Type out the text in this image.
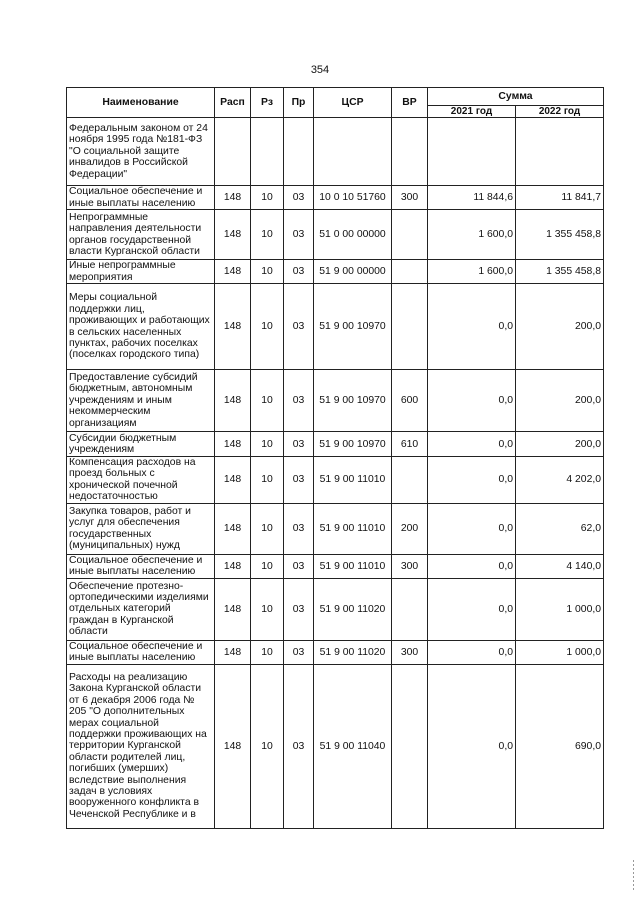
354
Наименование	Расп	Рз	Пр	ЦСР	ВР	Сумма	
						2021 год	2022 год
Федеральным законом от 24 ноября 1995 года №181-ФЗ "О социальной защите инвалидов в Российской Федерации"							
Социальное обеспечение и иные выплаты населению	148	10	03	10 0 10 51760	300	11 844,6	11 841,7
Непрограммные направления деятельности органов государственной власти Курганской области	148	10	03	51 0 00 00000		1 600,0	1 355 458,8
Иные непрограммные мероприятия	148	10	03	51 9 00 00000		1 600,0	1 355 458,8
Меры социальной поддержки лиц, проживающих и работающих в сельских населенных пунктах, рабочих поселках (поселках городского типа)	148	10	03	51 9 00 10970		0,0	200,0
Предоставление субсидий бюджетным, автономным учреждениям и иным некоммерческим организациям	148	10	03	51 9 00 10970	600	0,0	200,0
Субсидии бюджетным учреждениям	148	10	03	51 9 00 10970	610	0,0	200,0
Компенсация расходов на проезд больных с хронической почечной недостаточностью	148	10	03	51 9 00 11010		0,0	4 202,0
Закупка товаров, работ и услуг для обеспечения государственных (муниципальных) нужд	148	10	03	51 9 00 11010	200	0,0	62,0
Социальное обеспечение и иные выплаты населению	148	10	03	51 9 00 11010	300	0,0	4 140,0
Обеспечение протезно-ортопедическими изделиями отдельных категорий граждан в Курганской области	148	10	03	51 9 00 11020		0,0	1 000,0
Социальное обеспечение и иные выплаты населению	148	10	03	51 9 00 11020	300	0,0	1 000,0
Расходы на реализацию Закона Курганской области от 6 декабря 2006 года № 205 "О дополнительных мерах социальной поддержки проживающих на территории Курганской области родителей лиц, погибших (умерших) вследствие выполнения задач в условиях вооруженного конфликта в Чеченской Республике и в	148	10	03	51 9 00 11040		0,0	690,0
